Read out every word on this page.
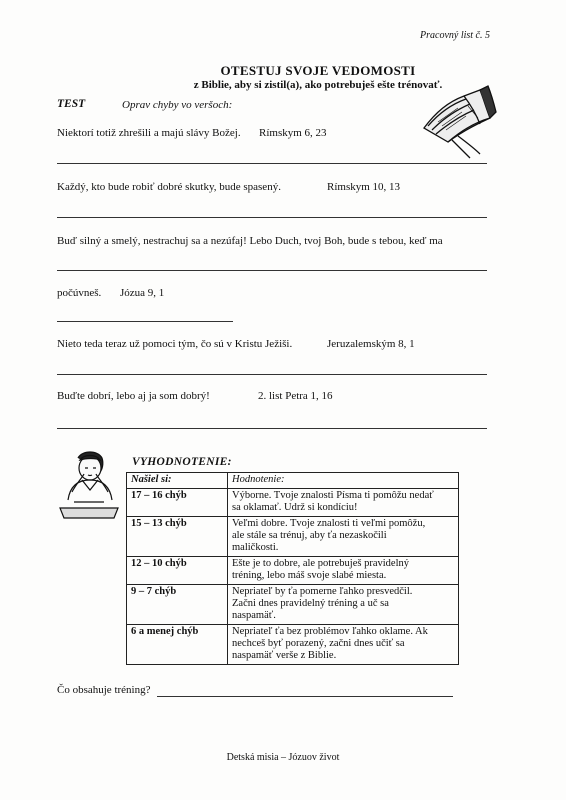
Pracovný list č. 5
OTESTUJ SVOJE VEDOMOSTI
z Biblie, aby si zistil(a), ako potrebuješ ešte trénovať.
TEST	Oprav chyby vo veršoch:
Niektorí totiž zhrešili a majú slávy Božej. Rímskym 6, 23
Každý, kto bude robiť dobré skutky, bude spasený.	Rímskym 10, 13
Buď silný a smelý, nestrachuj sa a nezúfaj! Lebo Duch, tvoj Boh, bude s tebou, keď ma
počúvneš. Józua 9, 1
Nieto teda teraz už pomoci tým, čo sú v Kristu Ježiši.	Jeruzalemským 8, 1
Buďte dobrí, lebo aj ja som dobrý!	2. list Petra 1, 16
VYHODNOTENIE:
Našiel si:	Hodnotenie:
17 – 16 chýb	Výborne. Tvoje znalosti Písma ti pomôžu nedať
sa oklamať. Udrž si kondíciu!

15 – 13 chýb	Veľmi dobre. Tvoje znalosti ti veľmi pomôžu,
ale stále sa trénuj, aby ťa nezaskočili
maličkosti.

12 – 10 chýb	Ešte je to dobre, ale potrebuješ pravidelný
tréning, lebo máš svoje slabé miesta.

9 – 7 chýb	Nepriateľ by ťa pomerne ľahko presvedčil.
Začni dnes pravidelný tréning a uč sa
naspamäť.

6 a menej chýb	Nepriateľ ťa bez problémov ľahko oklame. Ak
nechceš byť porazený, začni dnes učiť sa
naspamäť verše z Biblie.
Čo obsahuje tréning?
Detská misia – Józuov život
